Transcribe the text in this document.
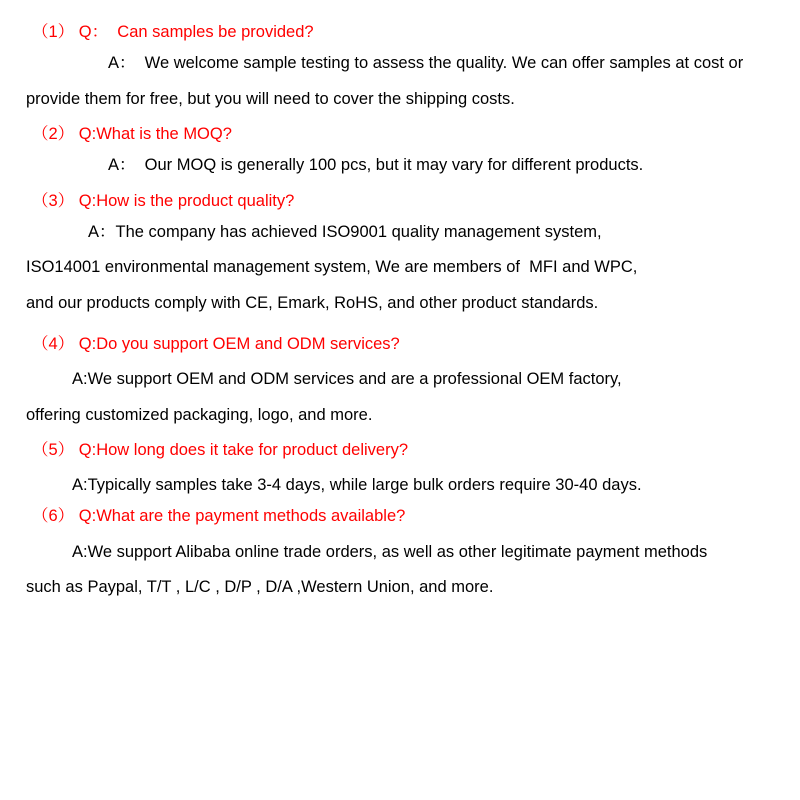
（1） Q：  Can samples be provided?
A：  We welcome sample testing to assess the quality. We can offer samples at cost or
provide them for free, but you will need to cover the shipping costs.
（2） Q:What is the MOQ?
A：  Our MOQ is generally 100 pcs, but it may vary for different products.
（3） Q:How is the product quality?
A：The company has achieved ISO9001 quality management system,
ISO14001 environmental management system, We are members of  MFI and WPC,
and our products comply with CE, Emark, RoHS, and other product standards.
（4） Q:Do you support OEM and ODM services?
A:We support OEM and ODM services and are a professional OEM factory,
offering customized packaging, logo, and more.
（5） Q:How long does it take for product delivery?
A:Typically samples take 3-4 days, while large bulk orders require 30-40 days.
（6） Q:What are the payment methods available?
A:We support Alibaba online trade orders, as well as other legitimate payment methods
such as Paypal, T/T , L/C , D/P , D/A ,Western Union, and more.
